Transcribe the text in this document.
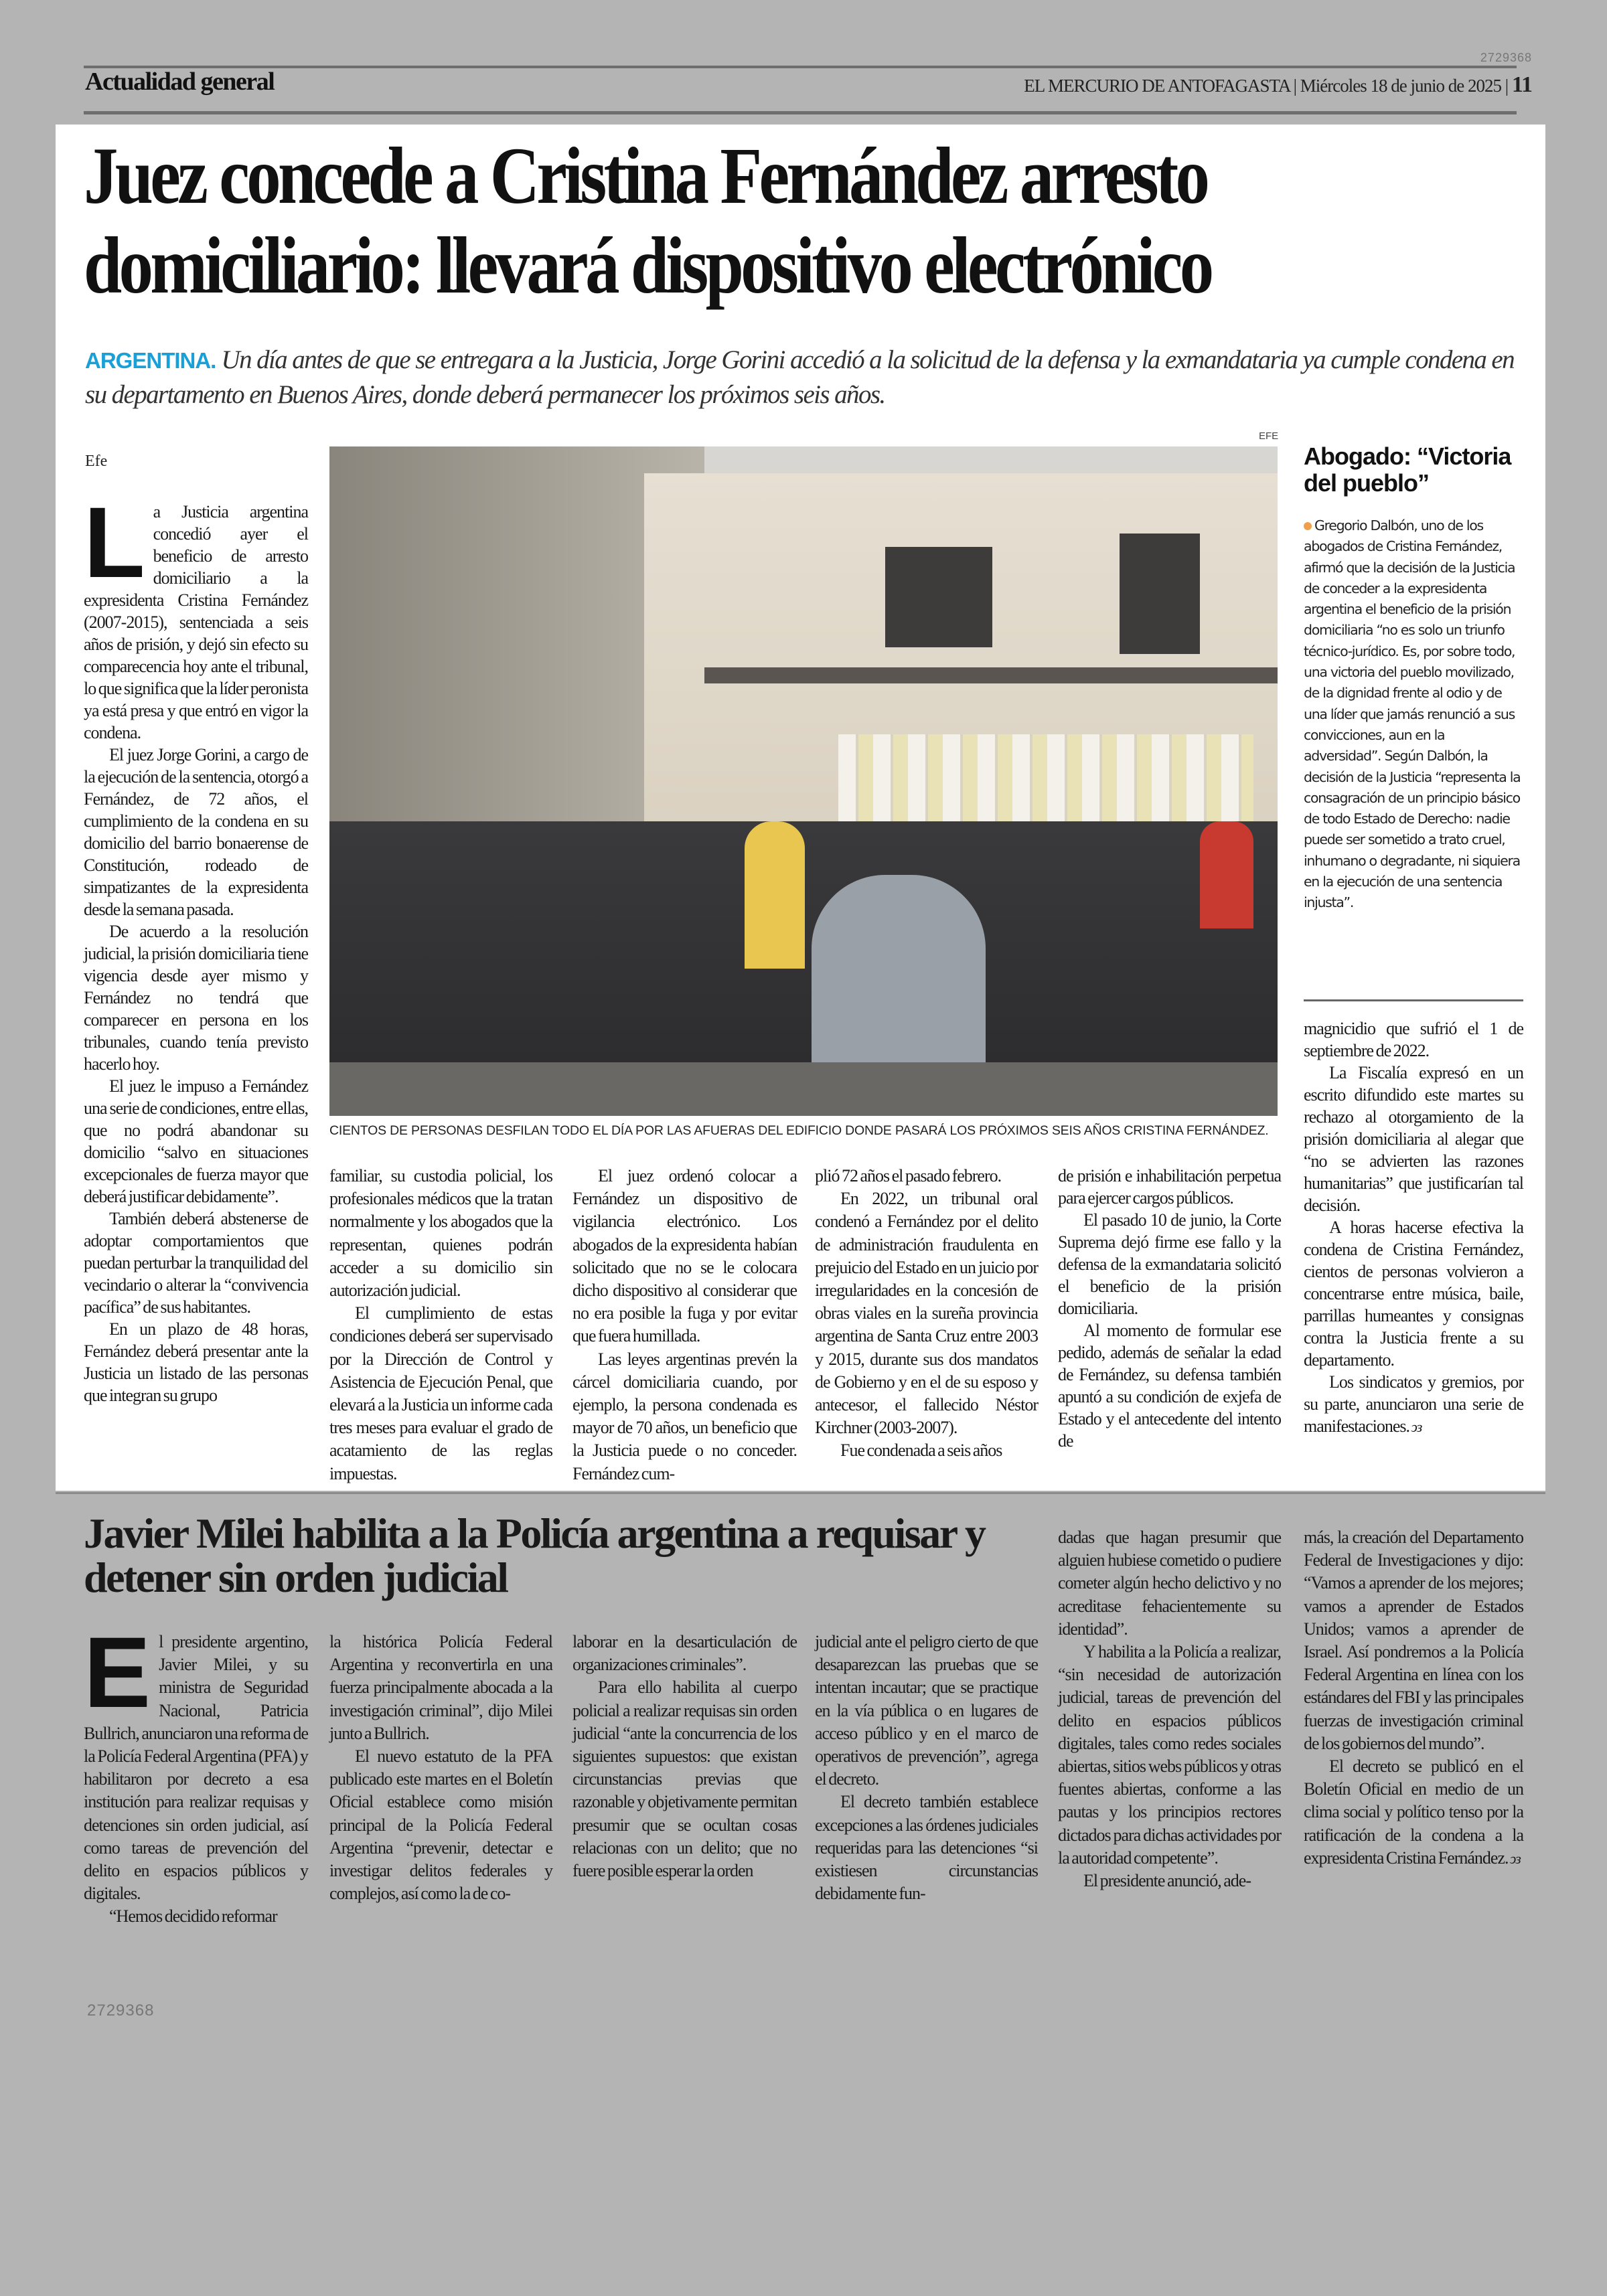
Actualidad general	EL MERCURIO DE ANTOFAGASTA | Miércoles 18 de junio de 2025 | 11
2729368
Juez concede a Cristina Fernández arresto domiciliario: llevará dispositivo electrónico
ARGENTINA. Un día antes de que se entregara a la Justicia, Jorge Gorini accedió a la solicitud de la defensa y la exmandataria ya cumple condena en su departamento en Buenos Aires, donde deberá permanecer los próximos seis años.
Efe
EFE
CIENTOS DE PERSONAS DESFILAN TODO EL DÍA POR LAS AFUERAS DEL EDIFICIO DONDE PASARÁ LOS PRÓXIMOS SEIS AÑOS CRISTINA FERNÁNDEZ.

La Justicia argentina concedió ayer el beneficio de arresto domiciliario a la expresidenta Cristina Fernández (2007-2015), sentenciada a seis años de prisión, y dejó sin efecto su comparecencia hoy ante el tribunal, lo que significa que la líder peronista ya está presa y que entró en vigor la condena.

El juez Jorge Gorini, a cargo de la ejecución de la sentencia, otorgó a Fernández, de 72 años, el cumplimiento de la condena en su domicilio del barrio bonaerense de Constitución, rodeado de simpatizantes de la expresidenta desde la semana pasada.

De acuerdo a la resolución judicial, la prisión domiciliaria tiene vigencia desde ayer mismo y Fernández no tendrá que comparecer en persona en los tribunales, cuando tenía previsto hacerlo hoy.

El juez le impuso a Fernández una serie de condiciones, entre ellas, que no podrá abandonar su domicilio “salvo en situaciones excepcionales de fuerza mayor que deberá justificar debidamente”.

También deberá abstenerse de adoptar comportamientos que puedan perturbar la tranquilidad del vecindario o alterar la “convivencia pacífica” de sus habitantes.

En un plazo de 48 horas, Fernández deberá presentar ante la Justicia un listado de las personas que integran su grupo

familiar, su custodia policial, los profesionales médicos que la tratan normalmente y los abogados que la representan, quienes podrán acceder a su domicilio sin autorización judicial.

El cumplimiento de estas condiciones deberá ser supervisado por la Dirección de Control y Asistencia de Ejecución Penal, que elevará a la Justicia un informe cada tres meses para evaluar el grado de acatamiento de las reglas impuestas.

El juez ordenó colocar a Fernández un dispositivo de vigilancia electrónico. Los abogados de la expresidenta habían solicitado que no se le colocara dicho dispositivo al considerar que no era posible la fuga y por evitar que fuera humillada.

Las leyes argentinas prevén la cárcel domiciliaria cuando, por ejemplo, la persona condenada es mayor de 70 años, un beneficio que la Justicia puede o no conceder. Fernández cum-

plió 72 años el pasado febrero.

En 2022, un tribunal oral condenó a Fernández por el delito de administración fraudulenta en prejuicio del Estado en un juicio por irregularidades en la concesión de obras viales en la sureña provincia argentina de Santa Cruz entre 2003 y 2015, durante sus dos mandatos de Gobierno y en el de su esposo y antecesor, el fallecido Néstor Kirchner (2003-2007).

Fue condenada a seis años

de prisión e inhabilitación perpetua para ejercer cargos públicos.

El pasado 10 de junio, la Corte Suprema dejó firme ese fallo y la defensa de la exmandataria solicitó el beneficio de la prisión domiciliaria.

Al momento de formular ese pedido, además de señalar la edad de Fernández, su defensa también apuntó a su condición de exjefa de Estado y el antecedente del intento de

magnicidio que sufrió el 1 de septiembre de 2022.

La Fiscalía expresó en un escrito difundido este martes su rechazo al otorgamiento de la prisión domiciliaria al alegar que “no se advierten las razones humanitarias” que justificarían tal decisión.

A horas hacerse efectiva la condena de Cristina Fernández, cientos de personas volvieron a concentrarse entre música, baile, parrillas humeantes y consignas contra la Justicia frente a su departamento.

Los sindicatos y gremios, por su parte, anunciaron una serie de manifestaciones.ↄз

Abogado: “Victoria del pueblo”
Gregorio Dalbón, uno de los abogados de Cristina Fernández, afirmó que la decisión de la Justicia de conceder a la expresidenta argentina el beneficio de la prisión domiciliaria “no es solo un triunfo técnico-jurídico. Es, por sobre todo, una victoria del pueblo movilizado, de la dignidad frente al odio y de una líder que jamás renunció a sus convicciones, aun en la adversidad”. Según Dalbón, la decisión de la Justicia “representa la consagración de un principio básico de todo Estado de Derecho: nadie puede ser sometido a trato cruel, inhumano o degradante, ni siquiera en la ejecución de una sentencia injusta”.
Javier Milei habilita a la Policía argentina a requisar y detener sin orden judicial

El presidente argentino, Javier Milei, y su ministra de Seguridad Nacional, Patricia Bullrich, anunciaron una reforma de la Policía Federal Argentina (PFA) y habilitaron por decreto a esa institución para realizar requisas y detenciones sin orden judicial, así como tareas de prevención del delito en espacios públicos y digitales.

“Hemos decidido reformar

la histórica Policía Federal Argentina y reconvertirla en una fuerza principalmente abocada a la investigación criminal”, dijo Milei junto a Bullrich.

El nuevo estatuto de la PFA publicado este martes en el Boletín Oficial establece como misión principal de la Policía Federal Argentina “prevenir, detectar e investigar delitos federales y complejos, así como la de co-

laborar en la desarticulación de organizaciones criminales”.

Para ello habilita al cuerpo policial a realizar requisas sin orden judicial “ante la concurrencia de los siguientes supuestos: que existan circunstancias previas que razonable y objetivamente permitan presumir que se ocultan cosas relacionas con un delito; que no fuere posible esperar la orden

judicial ante el peligro cierto de que desaparezcan las pruebas que se intentan incautar; que se practique en la vía pública o en lugares de acceso público y en el marco de operativos de prevención”, agrega el decreto.

El decreto también establece excepciones a las órdenes judiciales requeridas para las detenciones “si existiesen circunstancias debidamente fun-

dadas que hagan presumir que alguien hubiese cometido o pudiere cometer algún hecho delictivo y no acreditase fehacientemente su identidad”.

Y habilita a la Policía a realizar, “sin necesidad de autorización judicial, tareas de prevención del delito en espacios públicos digitales, tales como redes sociales abiertas, sitios webs públicos y otras fuentes abiertas, conforme a las pautas y los principios rectores dictados para dichas actividades por la autoridad competente”.

El presidente anunció, ade-

más, la creación del Departamento Federal de Investigaciones y dijo: “Vamos a aprender de los mejores; vamos a aprender de Estados Unidos; vamos a aprender de Israel. Así pondremos a la Policía Federal Argentina en línea con los estándares del FBI y las principales fuerzas de investigación criminal de los gobiernos del mundo”.

El decreto se publicó en el Boletín Oficial en medio de un clima social y político tenso por la ratificación de la condena a la expresidenta Cristina Fernández.ↄз

2729368
